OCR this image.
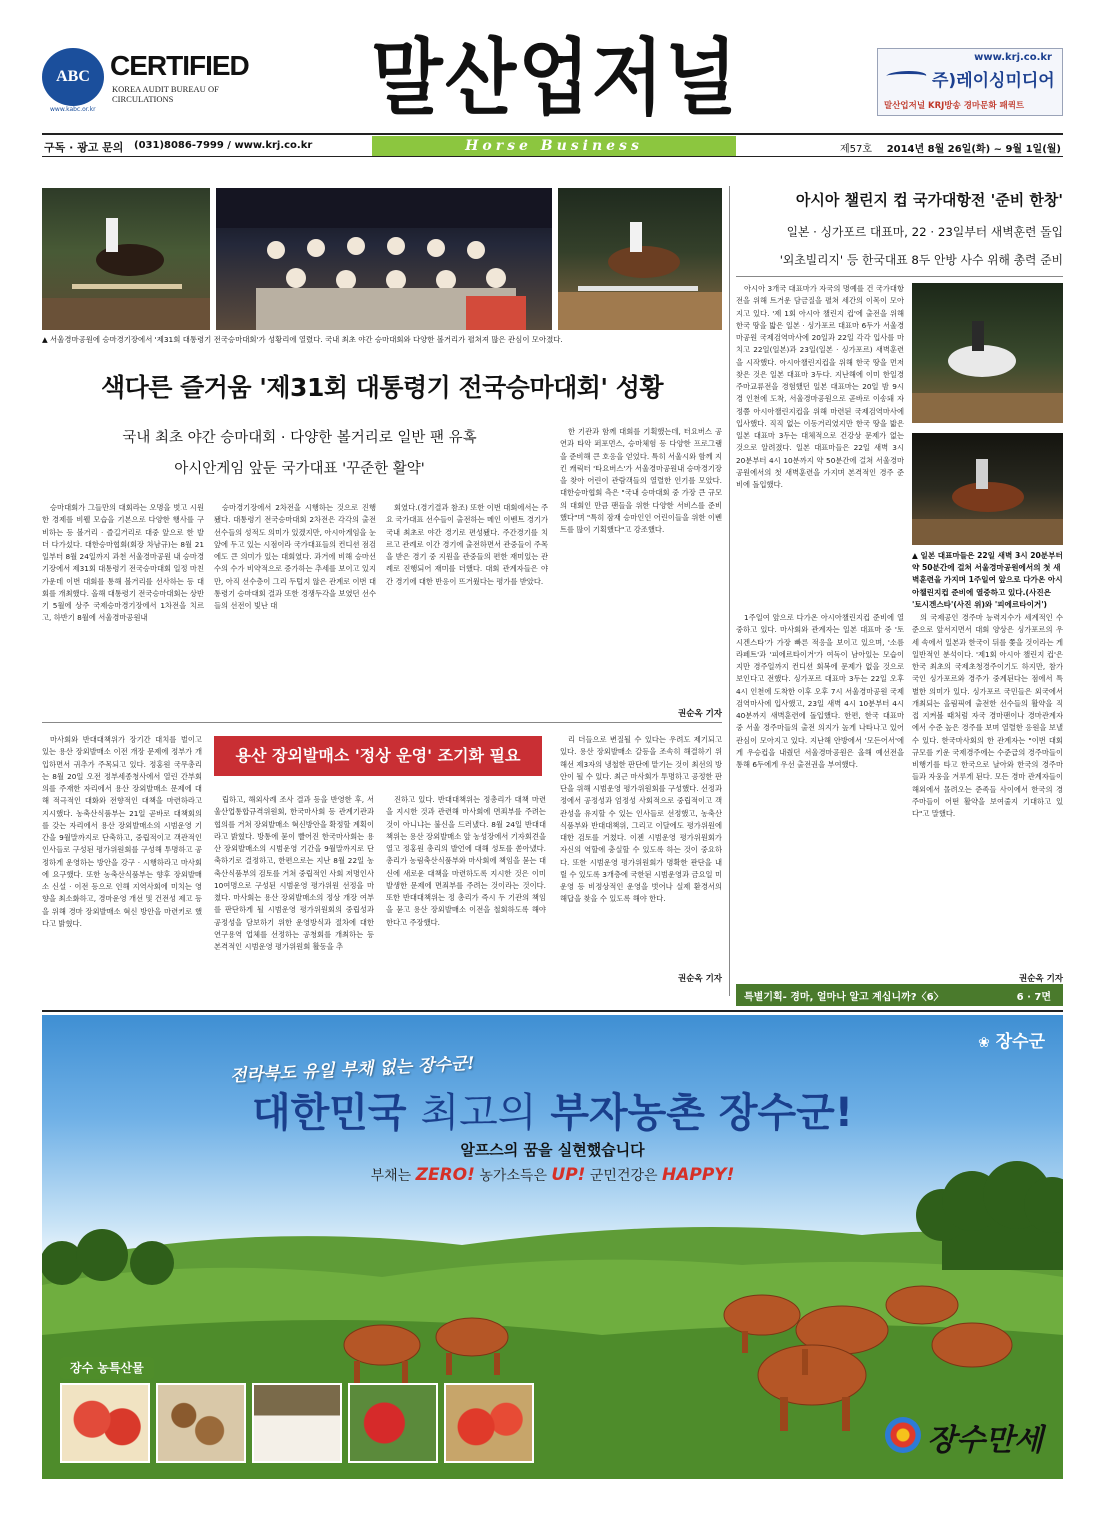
ABC CERTIFIED
KOREA AUDIT BUREAU OF CIRCULATIONS
www.kabc.or.kr	말산업저널	www.krj.co.kr
주)레이싱미디어
말산업저널 KRJ방송 경마문화 패퀵트
구독 · 광고 문의 (031)8086-7999 / www.krj.co.kr	Horse Business	제57호 2014년 8월 26일(화) ~ 9월 1일(월)
▲ 서울경마공원에 승마경기장에서 '제31회 대통령기 전국승마대회'가 성황리에 열렸다. 국내 최초 야간 승마대회와 다양한 볼거리가 펼쳐져 많은 관심이 모아졌다.
색다른 즐거움 '제31회 대통령기 전국승마대회' 성황
국내 최초 야간 승마대회 · 다양한 볼거리로 일반 팬 유혹
아시안게임 앞둔 국가대표 '꾸준한 활약'

승마대회가 그들만의 대회라는 오명을 벗고 시원한 경제를 비웰 모습을 기본으로 다양한 행사를 구비하는 등 볼거리 · 즐길거리로 대중 앞으로 한 발 더 다가섰다. 대한승마협회(회장 차남규)는 8월 21일부터 8월 24일까지 과천 서울경마공원 내 승마경기장에서 제31회 대통령기 전국승마대회 일정 마친 가운데 이번 대회를 통해 볼거리를 선사하는 등 대회를 개최했다. 올해 대통령기 전국승마대회는 상반기 5월에 상주 국제승마경기장에서 1차전을 치르고, 하반기 8월에 서울경마공원내

승마경기장에서 2차전을 시행하는 것으로 진행됐다. 대통령기 전국승마대회 2차전은 각각의 출전 선수들의 성적도 의미가 있겠지만, 아시아게임을 눈앞에 두고 있는 시점이라 국가대표들의 컨디션 점검에도 큰 의미가 있는 대회였다. 과거에 비해 승마선수의 수가 비약적으로 증가하는 추세를 보이고 있지만, 아직 선수층이 그리 두텁지 않은 관계로 이번 대통령기 승마대회 결과 또한 경쟁두각을 보였던 선수들의 선전이 빛난 대

회였다.(경기결과 참조) 또한 이번 대회에서는 주요 국가대표 선수들이 출전하는 메인 이벤트 경기가 국내 최초로 야간 경기로 편성됐다. 주간경기를 치르고 관례로 이간 경기에 출전하면서 관중들이 주목을 받은 경기 중 지원을 관중들의 편한 재미있는 관례로 진행되어 재미를 더했다. 대회 관계자들은 야간 경기에 대한 반응이 뜨거웠다는 평가를 받았다.

한 기관과 함께 대회를 기획했는데, 터요버스 공연과 타악 퍼포먼스, 승마체험 등 다양한 프로그램을 준비해 큰 호응을 얻었다. 특히 서울시와 함께 지킨 캐릭터 '타요버스'가 서울경마공원내 승마경기장을 찾아 어린이 관람객들의 열렬한 인기를 모았다. 대한승마협회 측은 "국내 승마대회 중 가장 큰 규모의 대회인 만큼 팬들을 위한 다양한 서비스를 준비했다"며 "특히 잠재 승마인인 어린이들을 위한 이벤트를 많이 기획했다"고 강조했다.

권순옥 기자
아시아 챌린지 컵 국가대항전 '준비 한창'
일본 · 싱가포르 대표마, 22 · 23일부터 새벽훈련 돌입
'외초빌리지' 등 한국대표 8두 안방 사수 위해 총력 준비

아시아 3개국 대표마가 자국의 명예를 건 국가대항전을 위해 트거운 담금질을 펼쳐 세간의 이목이 모아지고 있다. '제 1회 아시아 챌린지 컵'에 출전을 위해 한국 땅을 밟은 일본 · 싱가포르 대표마 6두가 서울경마공원 국제검역마사에 20일과 22일 각각 입사를 마치고 22일(일본)과 23일(일본 · 싱가포르) 새벽훈련을 시작했다. 아시아챌린지컵을 위해 한국 땅을 먼저 찾은 것은 일본 대표마 3두다. 지난해에 이미 한일경주마교류전을 경험했던 일본 대표마는 20일 밤 9시경 인천에 도착, 서울경마공원으로 곧바로 이송돼 자정쯤 아시아챌린지컵을 위해 마련된 국제검역마사에 입사했다. 직직 없는 이동거리였지만 한국 땅을 밟은 일본 대표마 3두는 대체적으로 건강상 문제가 없는 것으로 알려졌다. 일본 대표마들은 22일 새벽 3시 20분부터 4시 10분까지 약 50분간에 걸쳐 서울경마공원에서의 첫 새벽훈련을 가지며 본격적인 경주 준비에 돌입했다.

▲ 일본 대표마들은 22일 새벽 3시 20분부터 약 50분간에 걸쳐 서울경마공원에서의 첫 새벽훈련을 가지며 1주일여 앞으로 다가온 아시아챌린지컵 준비에 열중하고 있다.(사진은 '토시겐스타'(사진 위)와 '피에르타이거')

1주일여 앞으로 다가온 아시아챌린지컵 준비에 열중하고 있다. 마사회와 관계자는 일본 대표마 중 '토시겐스타'가 가장 빠른 적응을 보이고 있으며, '소름라페트'과 '피에르타이거'가 여독이 남아있는 모습이지만 경주일까지 컨디션 회복에 문제가 없을 것으로 보인다고 전했다. 싱가포르 대표마 3두는 22일 오후 4시 인천에 도착한 이후 오후 7시 서울경마공원 국제검역마사에 입사했고, 23일 새벽 4시 10분부터 4시 40분까지 새벽훈련에 돌입했다. 한편, 한국 대표마 중 서울 경주마들의 출전 의지가 높게 나타나고 있어 관심이 모아지고 있다. 지난해 안방에서 '모든어서'에게 우승컵을 내줬던 서울경마공원은 올해 예선전을 통해 6두에게 우선 출전권을 부여했다.

의 국제공인 경주마 능력지수가 세계적인 수준으로 앞서지면서 대회 양상은 싱가포르의 우세 속에서 일본과 한국이 뒤를 쫓을 것이라는 게 일반적인 분석이다. '제1회 아시아 챌린지 컵'은 한국 최초의 국제초청경주이기도 하지만, 참가국인 싱가포르와 경주가 중계된다는 점에서 특별한 의미가 있다. 싱가포르 국민들은 외국에서 개최되는 을림픽에 출전한 선수들의 활약을 직접 지켜볼 때처럼 자국 경마팬이나 경마관계자에서 수준 높은 경주를 보며 열렬한 응원을 보낼 수 있다. 한국마사회의 한 관계자는 "이번 대회 규모를 키운 국제경주에는 수준급의 경주마들이 비행기를 타고 한국으로 날아와 한국의 경주마들과 자웅을 겨루게 된다. 모든 경마 관계자들이 해외에서 몰려오는 준족들 사이에서 한국의 경주마들이 어떤 활약을 보여줄지 기대하고 있다"고 말했다.

권순옥 기자

마사회와 반대대책위가 장기간 대치를 벌이고 있는 용산 장외발매소 이전 개장 문제에 정부가 개입하면서 귀추가 주목되고 있다. 정홍원 국무총리는 8월 20일 오전 정부세종청사에서 열린 간부회의를 주재한 자리에서 용산 장외발매소 문제에 대해 적극적인 대화와 전향적인 대책을 마련하라고 지시했다. 농축산식품부는 21일 곧바로 대책회의를 갖는 자리에서 용산 장외발매소의 시범운영 기간을 9월말까지로 단축하고, 중립적이고 객관적인 인사들로 구성된 평가위원회를 구성해 투명하고 공정하게 운영하는 방안을 강구 · 시행하라고 마사회에 요구했다. 또한 농축산식품부는 향후 장외발매소 신설 · 이전 등으로 인해 지역사회에 미치는 영향을 최소화하고, 경마운영 개선 및 건전성 제고 등을 위해 경마 장외발매소 혁신 방안을 마련키로 했다고 밝혔다.

용산 장외발매소 '정상 운영' 조기화 필요

립하고, 해외사례 조사 결과 등을 반영한 후, 서울산업통합규격위원회, 한국마사회 등 관계기관과 협의를 거쳐 장외발매소 혁신방안을 확정할 계획이라고 밝혔다. 방통에 묻이 빨어진 한국마사회는 용산 장외발매소의 시범운영 기간을 9월말까지로 단축하기로 결정하고, 한편으로는 지난 8월 22일 농축산식품부의 검토를 거쳐 중립적인 사회 저명인사 10여명으로 구성된 시범운영 평가위원 선정을 마쳤다. 마사회는 용산 장외발매소의 정상 개장 여부를 판단하게 될 시범운영 평가위원회의 중립성과 공정성을 담보하기 위한 운영방식과 절차에 대한 연구용역 업체를 선정하는 공청회를 개최하는 등 본격적인 시범운영 평가위원회 활동을 추

진하고 있다. 반대대책위는 정총리가 대책 마련을 지시한 것과 관련해 마사회에 면죄부를 주려는 것이 아니냐는 불신을 드러냈다. 8월 24일 반대대책위는 용산 장외발매소 앞 농성장에서 기자회견을 열고 정홍원 총리의 발언에 대해 성토를 쏟아냈다. 총리가 농림축산식품부와 마사회에 책임을 묻는 대신에 새로운 대책을 마련하도록 지시한 것은 이미 발생한 문제에 면죄부를 주려는 것이라는 것이다. 또한 반대대책위는 정 총리가 즉시 두 기관의 책임을 묻고 용산 장외발매소 이전을 철회하도록 해야 한다고 주장했다.

리 더들으로 변질될 수 있다는 우려도 제기되고 있다. 용산 장외발매소 갈등을 조속히 해결하기 위해선 제3자의 냉철한 판단에 맡기는 것이 최선의 방안이 될 수 있다. 최근 마사회가 투명하고 공정한 판단을 위해 시범운영 평가위원회를 구성했다. 선정과정에서 공정성과 엄정성 사회적으로 중립적이고 객관성을 유지할 수 있는 인사들로 선정했고, 농축산식품부와 반대대책위, 그리고 이달에도 평가위원에 대한 검토를 거쳤다. 이젠 시범운영 평가위원회가 자신의 역할에 충실할 수 있도록 하는 것이 중요하다. 또한 시범운영 평가위원회가 명확한 판단을 내릴 수 있도록 3개층에 국한된 시범운영과 금요일 미운영 등 비정상적인 운영을 벗어나 실제 환경서의 해답을 찾을 수 있도록 해야 한다.

권순옥 기자
특별기획- 경마, 얼마나 알고 계십니까?〈6〉	6 · 7면
❀ 장수군
전라북도 유일 부채 없는 장수군!
대한민국 최고의 부자농촌 장수군!
알프스의 꿈을 실현했습니다
부채는 ZERO! 농가소득은 UP! 군민건강은 HAPPY!
장수 농특산물
장수만세
